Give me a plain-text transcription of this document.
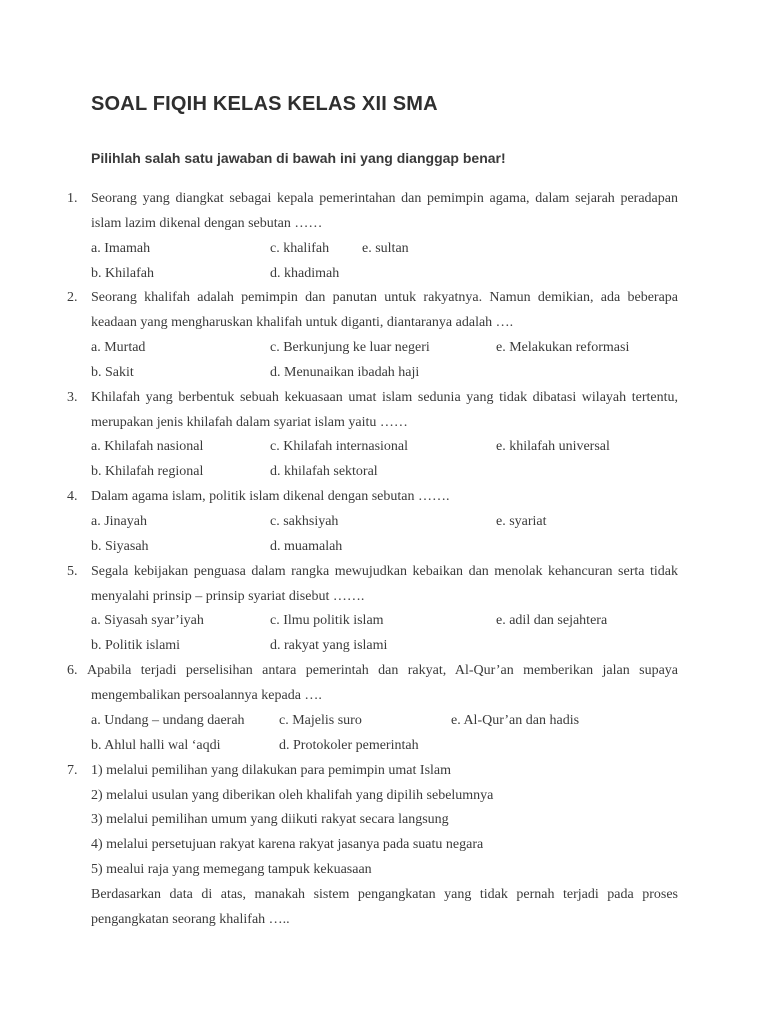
SOAL FIQIH KELAS KELAS XII SMA
Pilihlah salah satu jawaban di bawah ini yang dianggap benar!
1. Seorang yang diangkat sebagai kepala pemerintahan dan pemimpin agama, dalam sejarah peradapan
islam lazim dikenal dengan sebutan ……
a. Imamah	c. khalifah e. sultan
b. Khilafah	d. khadimah
2. Seorang khalifah adalah pemimpin dan panutan untuk rakyatnya. Namun demikian, ada beberapa
keadaan yang mengharuskan khalifah untuk diganti, diantaranya adalah ….
a. Murtad	c. Berkunjung ke luar negeri	e. Melakukan reformasi
b. Sakit	d. Menunaikan ibadah haji
3. Khilafah yang berbentuk sebuah kekuasaan umat islam sedunia yang tidak dibatasi wilayah tertentu,
merupakan jenis khilafah dalam syariat islam yaitu ……
a. Khilafah nasional	c. Khilafah internasional	e. khilafah universal
b. Khilafah regional	d. khilafah sektoral
4. Dalam agama islam, politik islam dikenal dengan sebutan …….
a. Jinayah	c. sakhsiyah	e. syariat
b. Siyasah	d. muamalah
5. Segala kebijakan penguasa dalam rangka mewujudkan kebaikan dan menolak kehancuran serta tidak
menyalahi prinsip – prinsip syariat disebut …….
a. Siyasah syar’iyah	c. Ilmu politik islam	e. adil dan sejahtera
b. Politik islami	d. rakyat yang islami
6. Apabila terjadi perselisihan antara pemerintah dan rakyat, Al-Qur’an memberikan jalan supaya
mengembalikan persoalannya kepada ….
a. Undang – undang daerah c. Majelis suro	e. Al-Qur’an dan hadis
b. Ahlul halli wal ‘aqdi	d. Protokoler pemerintah
7. 1) melalui pemilihan yang dilakukan para pemimpin umat Islam
2) melalui usulan yang diberikan oleh khalifah yang dipilih sebelumnya
3) melalui pemilihan umum yang diikuti rakyat secara langsung
4) melalui persetujuan rakyat karena rakyat jasanya pada suatu negara
5) mealui raja yang memegang tampuk kekuasaan
Berdasarkan data di atas, manakah sistem pengangkatan yang tidak pernah terjadi pada proses
pengangkatan seorang khalifah …..
